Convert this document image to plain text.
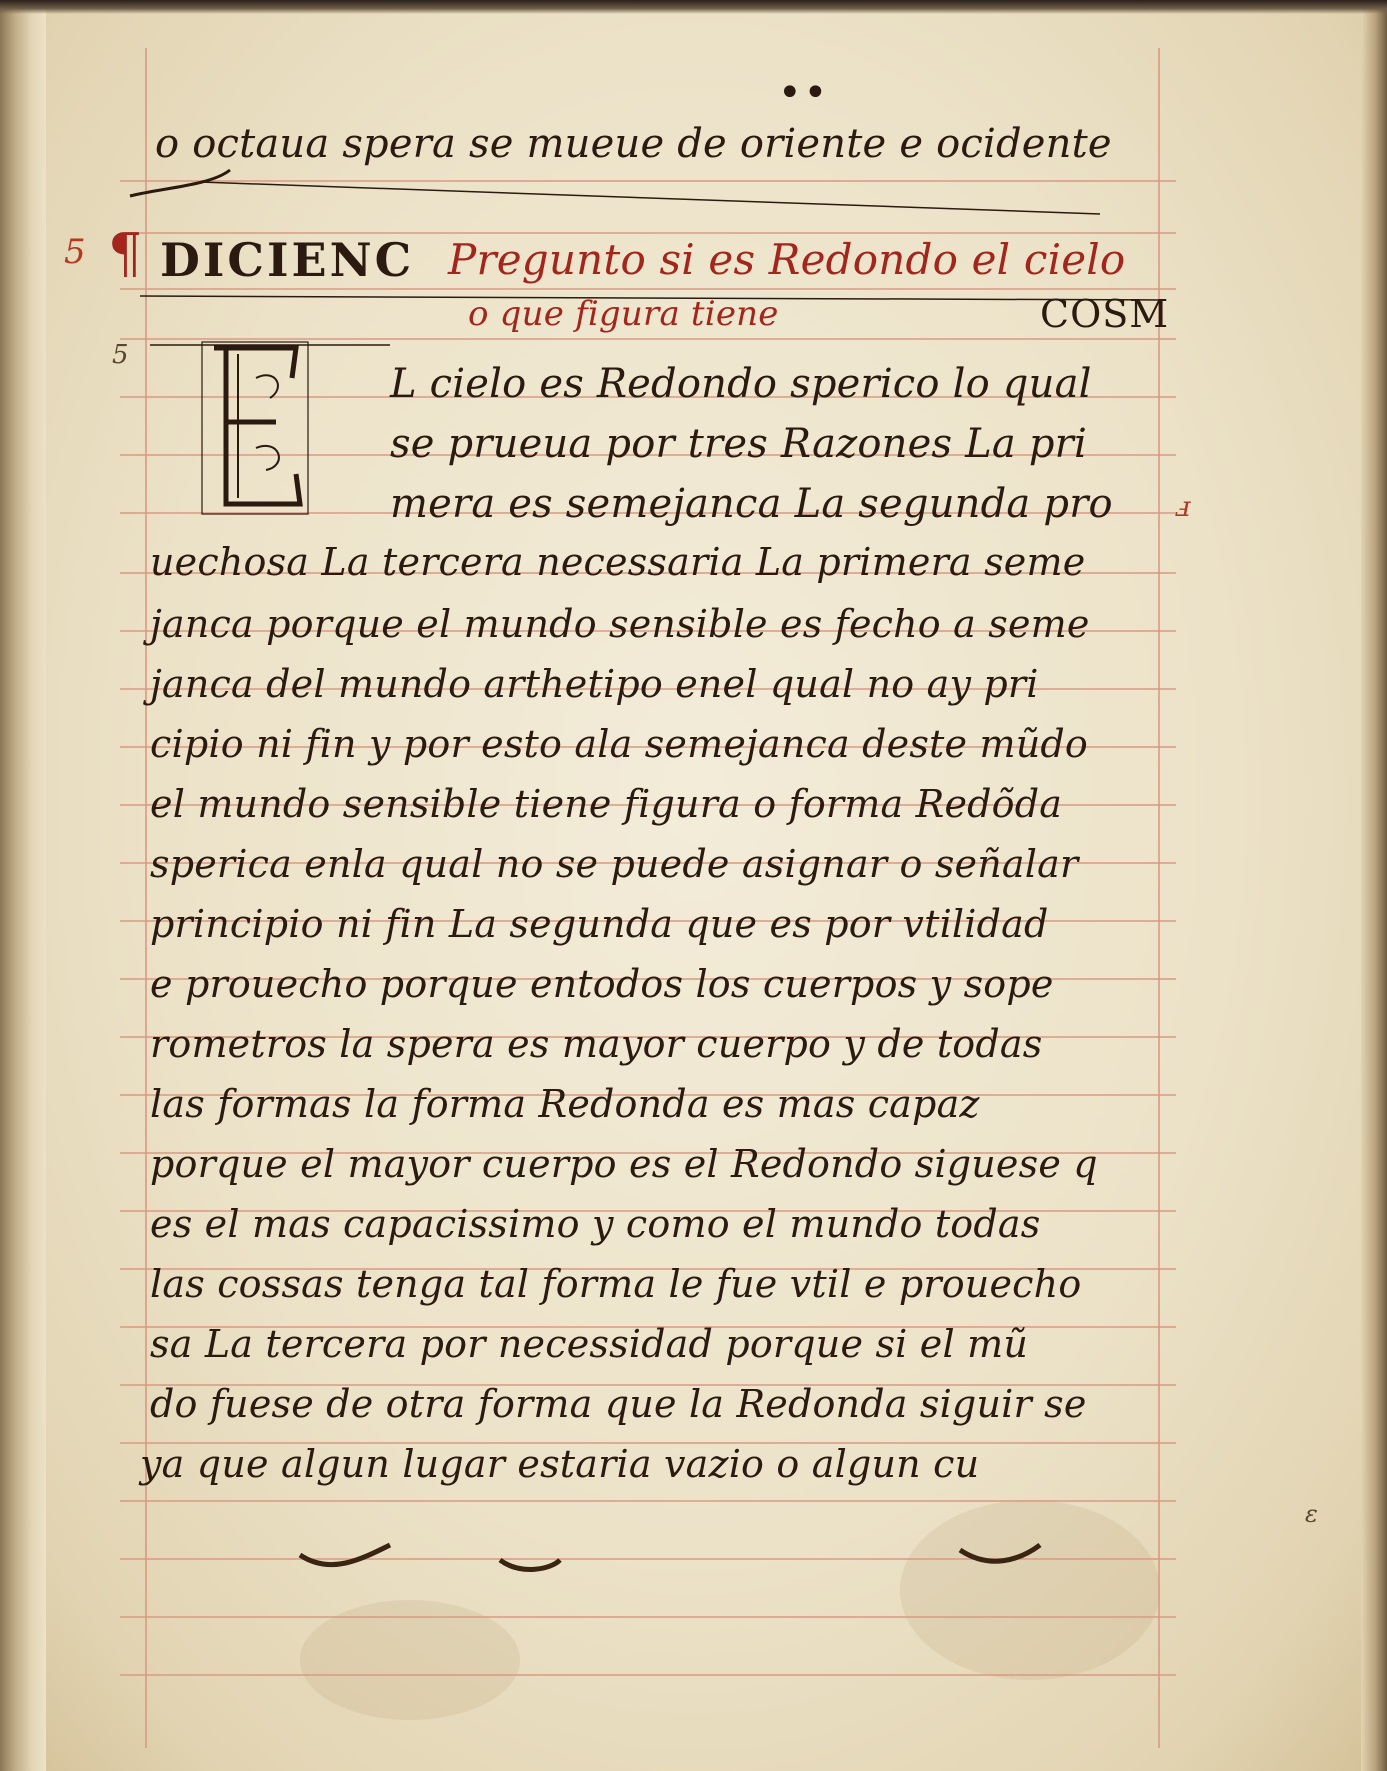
5
5
ⅎ
ε
••
o octaua spera se mueue de oriente e ocidente
¶ DICIENC Pregunto si es Redondo el cielo
o que figura tiene	COSM
L cielo es Redondo sperico lo qual
se prueua por tres Razones La pri
mera es semejanca La segunda pro
uechosa La tercera necessaria La primera seme
janca porque el mundo sensible es fecho a seme
janca del mundo arthetipo enel qual no ay pri
cipio ni fin y por esto ala semejanca deste mũdo
el mundo sensible tiene figura o forma Redõda
sperica enla qual no se puede asignar o señalar
principio ni fin La segunda que es por vtilidad
e prouecho porque entodos los cuerpos y sope
rometros la spera es mayor cuerpo y de todas
las formas la forma Redonda es mas capaz
porque el mayor cuerpo es el Redondo siguese q
es el mas capacissimo y como el mundo todas
las cossas tenga tal forma le fue vtil e prouecho
sa La tercera por necessidad porque si el mũ
do fuese de otra forma que la Redonda siguir se
ya que algun lugar estaria vazio o algun cu
